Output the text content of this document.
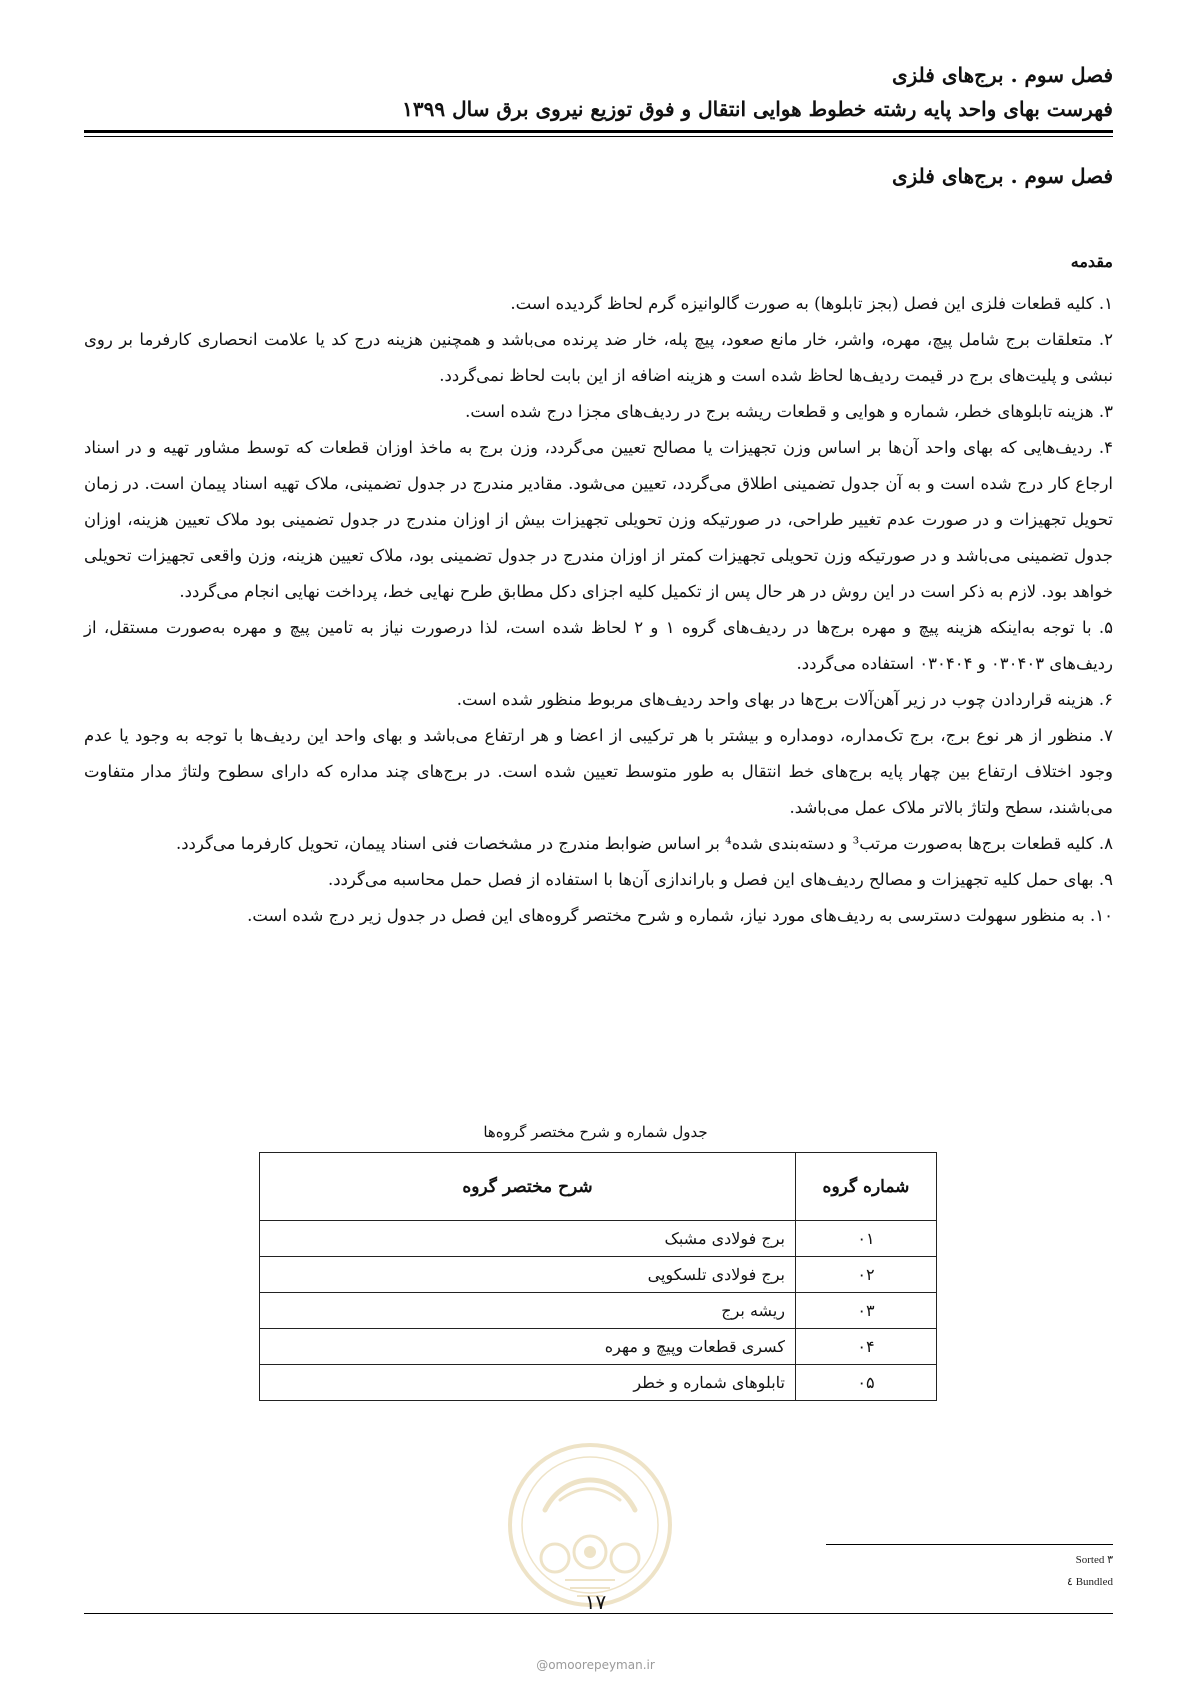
فصل سوم . برج‌های فلزی
فهرست بهای واحد پایه رشته خطوط هوایی انتقال و فوق توزیع نیروی برق سال ۱۳۹۹
فصل سوم . برج‌های فلزی
مقدمه

۱. کلیه قطعات فلزی این فصل (بجز تابلوها) به صورت گالوانیزه گرم لحاظ گردیده است.

۲. متعلقات برج شامل پیچ، مهره، واشر، خار مانع صعود، پیچ پله، خار ضد پرنده می‌باشد و همچنین هزینه درج کد یا علامت انحصاری کارفرما بر روی نبشی و پلیت‌های برج در قیمت ردیف‌ها لحاظ شده است و هزینه اضافه از این بابت لحاظ نمی‌گردد.

۳. هزینه تابلوهای خطر، شماره و هوایی و قطعات ریشه برج در ردیف‌های مجزا درج شده است.

۴. ردیف‌هایی که بهای واحد آن‌ها بر اساس وزن تجهیزات یا مصالح تعیین می‌گردد، وزن برج به ماخذ اوزان قطعات که توسط مشاور تهیه و در اسناد ارجاع کار درج شده است و به آن جدول تضمینی اطلاق می‌گردد، تعیین می‌شود. مقادیر مندرج در جدول تضمینی، ملاک تهیه اسناد پیمان است. در زمان تحویل تجهیزات و در صورت عدم تغییر طراحی، در صورتیکه وزن تحویلی تجهیزات بیش از اوزان مندرج در جدول تضمینی بود ملاک تعیین هزینه، اوزان جدول تضمینی می‌باشد و در صورتیکه وزن تحویلی تجهیزات کمتر از اوزان مندرج در جدول تضمینی بود، ملاک تعیین هزینه، وزن واقعی تجهیزات تحویلی خواهد بود. لازم به ذکر است در این روش در هر حال پس از تکمیل کلیه اجزای دکل مطابق طرح نهایی خط، پرداخت نهایی انجام می‌گردد.

۵. با توجه به‌اینکه هزینه پیچ و مهره برج‌ها در ردیف‌های گروه ۱ و ۲ لحاظ شده است، لذا درصورت نیاز به تامین پیچ و مهره به‌صورت مستقل، از ردیف‌های ۰۳۰۴۰۳ و ۰۳۰۴۰۴ استفاده می‌گردد.

۶. هزینه قراردادن چوب در زیر آهن‌آلات برج‌ها در بهای واحد ردیف‌های مربوط منظور شده است.

۷. منظور از هر نوع برج، برج تک‌مداره، دومداره و بیشتر با هر ترکیبی از اعضا و هر ارتفاع می‌باشد و بهای واحد این ردیف‌ها با توجه به وجود یا عدم وجود اختلاف ارتفاع بین چهار پایه برج‌های خط انتقال به طور متوسط تعیین شده است. در برج‌های چند مداره که دارای سطوح ولتاژ مدار متفاوت می‌باشند، سطح ولتاژ بالاتر ملاک عمل می‌باشد.

۸. کلیه قطعات برج‌ها به‌صورت مرتب³ و دسته‌بندی شده⁴ بر اساس ضوابط مندرج در مشخصات فنی اسناد پیمان، تحویل کارفرما می‌گردد.

۹. بهای حمل کلیه تجهیزات و مصالح ردیف‌های این فصل و باراندازی آن‌ها با استفاده از فصل حمل محاسبه می‌گردد.

۱۰. به منظور سهولت دسترسی به ردیف‌های مورد نیاز، شماره و شرح مختصر گروه‌های این فصل در جدول زیر درج شده است.

جدول شماره و شرح مختصر گروه‌ها
شماره گروه	شرح مختصر گروه
۰۱	برج فولادی مشبک
۰۲	برج فولادی تلسکوپی
۰۳	ریشه برج
۰۴	کسری قطعات وپیچ و مهره
۰۵	تابلوهای شماره و خطر
Sorted ۳
Bundled ٤
۱۷
@omoorepeyman.ir
